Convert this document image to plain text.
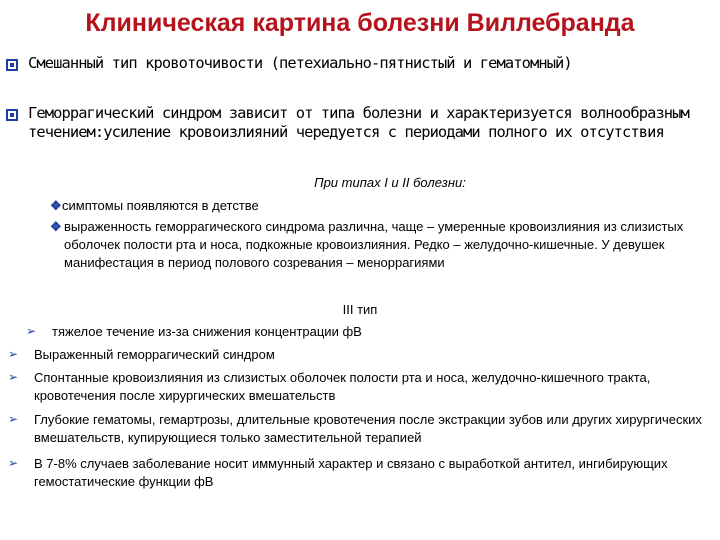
Клиническая картина болезни Виллебранда
Смешанный тип кровоточивости (петехиально-пятнистый и гематомный)
Геморрагический синдром зависит от типа болезни и характеризуется волнообразным течением:усиление кровоизлияний чередуется с периодами полного их отсутствия
При типах I и II болезни:
❖ симптомы появляются в детстве
❖ выраженность геморрагического синдрома различна, чаще – умеренные кровоизлияния из слизистых оболочек полости рта и носа, подкожные кровоизлияния. Редко – желудочно-кишечные. У девушек манифестация в период полового созревания – меноррагиями
III тип
➢	тяжелое течение из-за снижения концентрации фВ
➢	Выраженный геморрагический синдром
➢	Спонтанные кровоизлияния из слизистых оболочек полости рта и носа, желудочно-кишечного тракта, кровотечения после хирургических вмешательств
➢	Глубокие гематомы, гемартрозы, длительные кровотечения после экстракции зубов или других хирургических вмешательств, купирующиеся только заместительной терапией
➢	В 7-8% случаев заболевание носит иммунный характер и связано с выработкой антител, ингибирующих гемостатические функции фВ
